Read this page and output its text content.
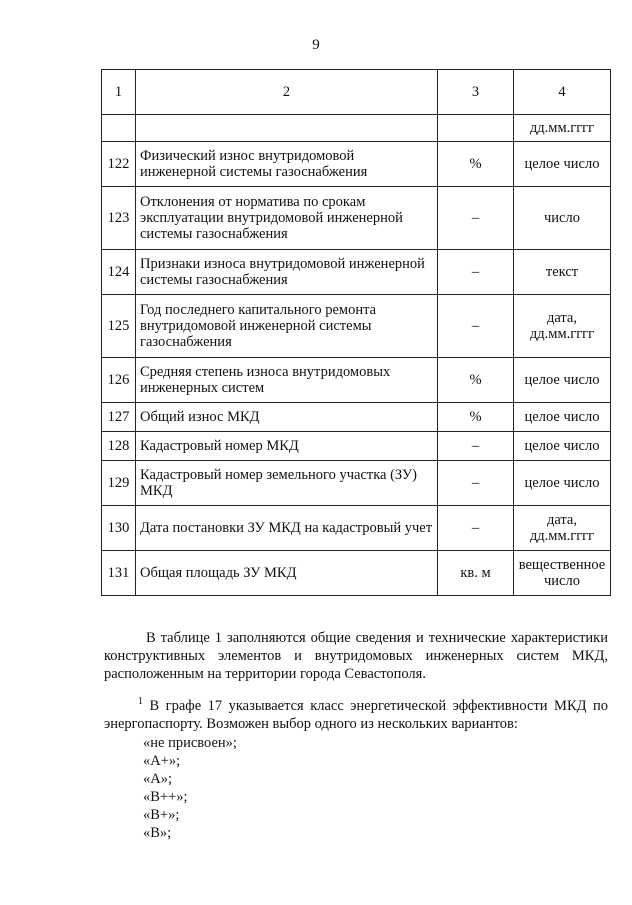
9
1	2	3	4
			дд.мм.гггг
122	Физический износ внутридомовой инженерной системы газоснабжения	%	целое число
123	Отклонения от норматива по срокам эксплуатации внутридомовой инженерной системы газоснабжения	–	число
124	Признаки износа внутридомовой инженерной системы газоснабжения	–	текст
125	Год последнего капитального ремонта внутридомовой инженерной системы газоснабжения	–	дата, дд.мм.гггг
126	Средняя степень износа внутридомовых инженерных систем	%	целое число
127	Общий износ МКД	%	целое число
128	Кадастровый номер МКД	–	целое число
129	Кадастровый номер земельного участка (ЗУ) МКД	–	целое число
130	Дата постановки ЗУ МКД на кадастровый учет	–	дата, дд.мм.гггг
131	Общая площадь ЗУ МКД	кв. м	вещественное число
В таблице 1 заполняются общие сведения и технические характеристики конструктивных элементов и внутридомовых инженерных систем МКД, расположенным на территории города Севастополя.
$^1$ В графе 17 указывается класс энергетической эффективности МКД по энергопаспорту. Возможен выбор одного из нескольких вариантов:
«не присвоен»;
«А+»;
«А»;
«В++»;
«В+»;
«В»;
